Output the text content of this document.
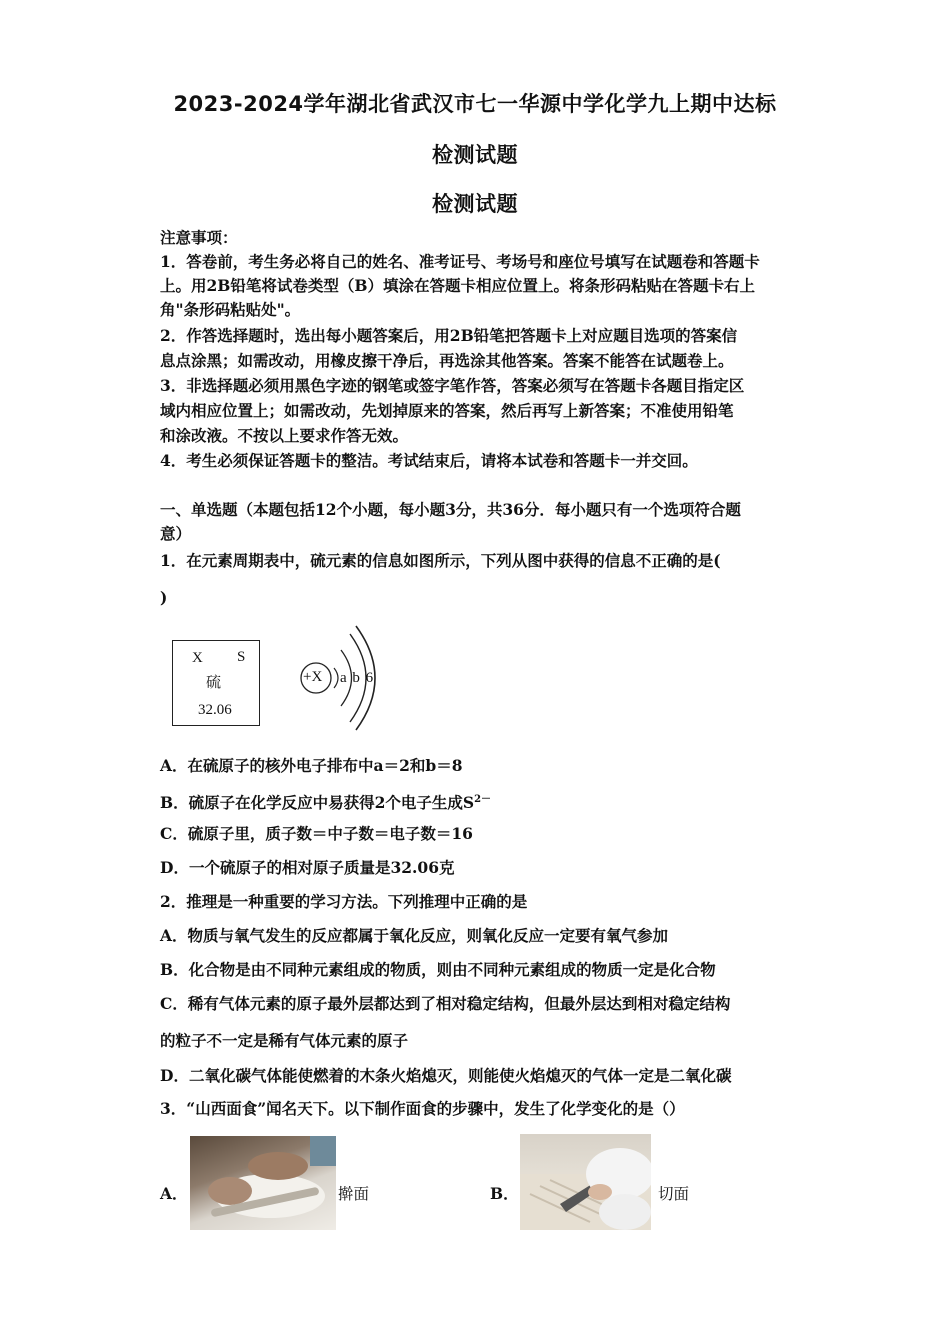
2023-2024学年湖北省武汉市七一华源中学化学九上期中达标
检测试题
检测试题
注意事项：
1．答卷前，考生务必将自己的姓名、准考证号、考场号和座位号填写在试题卷和答题卡
上。用2B铅笔将试卷类型（B）填涂在答题卡相应位置上。将条形码粘贴在答题卡右上
角"条形码粘贴处"。
2．作答选择题时，选出每小题答案后，用2B铅笔把答题卡上对应题目选项的答案信
息点涂黑；如需改动，用橡皮擦干净后，再选涂其他答案。答案不能答在试题卷上。
3．非选择题必须用黑色字迹的钢笔或签字笔作答，答案必须写在答题卡各题目指定区
域内相应位置上；如需改动，先划掉原来的答案，然后再写上新答案；不准使用铅笔
和涂改液。不按以上要求作答无效。
4．考生必须保证答题卡的整洁。考试结束后，请将本试卷和答题卡一并交回。
一、单选题（本题包括12个小题，每小题3分，共36分．每小题只有一个选项符合题
意）
1．在元素周期表中，硫元素的信息如图所示，下列从图中获得的信息不正确的是(
)
X S
硫
32.06
+X a b 6
A．在硫原子的核外电子排布中a＝2和b＝8
B．硫原子在化学反应中易获得2个电子生成$S^{2-}$
C．硫原子里，质子数＝中子数＝电子数＝16
D．一个硫原子的相对原子质量是32.06克
2．推理是一种重要的学习方法。下列推理中正确的是
A．物质与氧气发生的反应都属于氧化反应，则氧化反应一定要有氧气参加
B．化合物是由不同种元素组成的物质，则由不同种元素组成的物质一定是化合物
C．稀有气体元素的原子最外层都达到了相对稳定结构，但最外层达到相对稳定结构
的粒子不一定是稀有气体元素的原子
D．二氧化碳气体能使燃着的木条火焰熄灭，则能使火焰熄灭的气体一定是二氧化碳
3．“山西面食”闻名天下。以下制作面食的步骤中，发生了化学变化的是（）
A．	擀面	B．	切面
